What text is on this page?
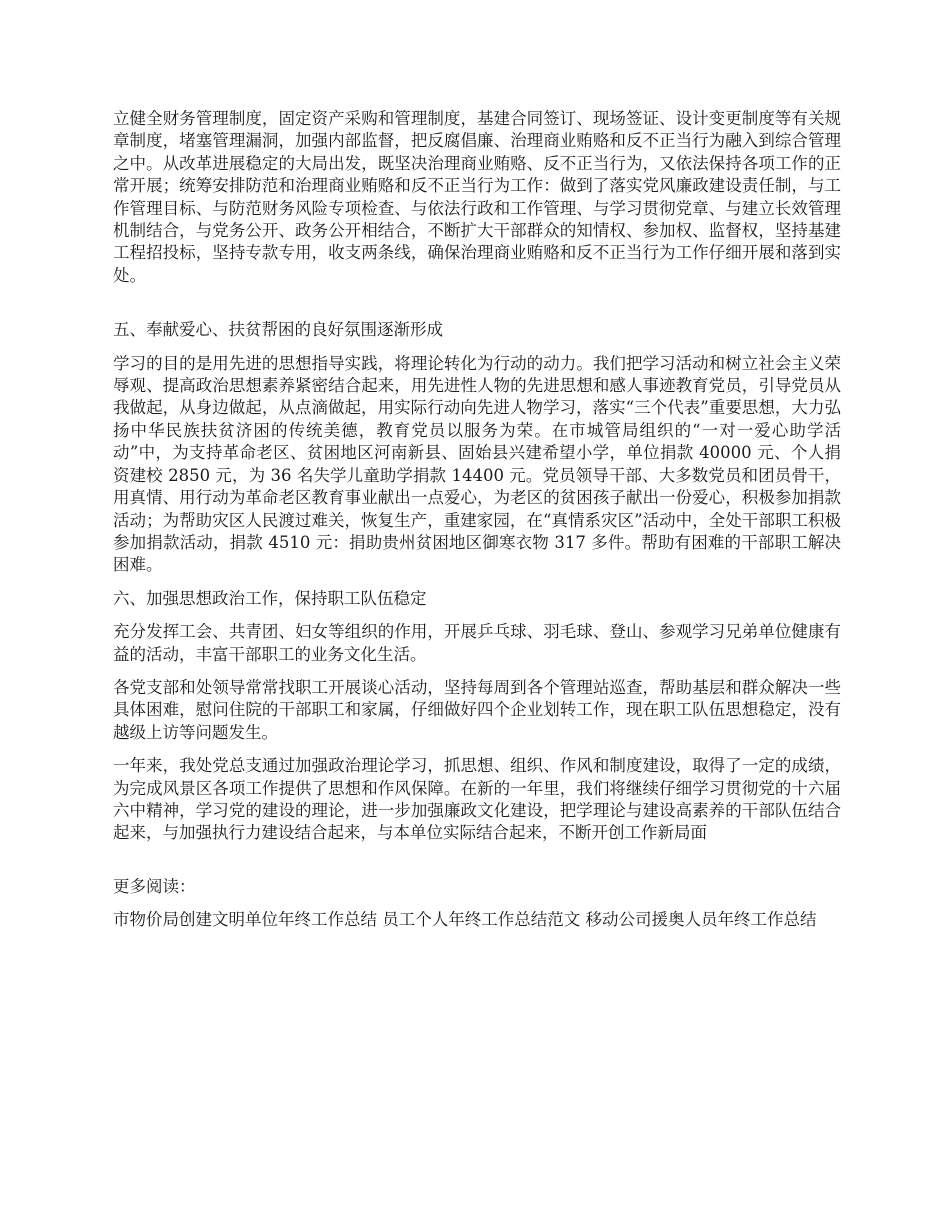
立健全财务管理制度，固定资产采购和管理制度，基建合同签订、现场签证、设计变更制度等有关规章制度，堵塞管理漏洞，加强内部监督，把反腐倡廉、治理商业贿赂和反不正当行为融入到综合管理之中。从改革进展稳定的大局出发，既坚决治理商业贿赂、反不正当行为，又依法保持各项工作的正常开展；统筹安排防范和治理商业贿赂和反不正当行为工作：做到了落实党风廉政建设责任制，与工作管理目标、与防范财务风险专项检查、与依法行政和工作管理、与学习贯彻党章、与建立长效管理机制结合，与党务公开、政务公开相结合，不断扩大干部群众的知情权、参加权、监督权，坚持基建工程招投标，坚持专款专用，收支两条线，确保治理商业贿赂和反不正当行为工作仔细开展和落到实处。

五、奉献爱心、扶贫帮困的良好氛围逐渐形成

学习的目的是用先进的思想指导实践，将理论转化为行动的动力。我们把学习活动和树立社会主义荣辱观、提高政治思想素养紧密结合起来，用先进性人物的先进思想和感人事迹教育党员，引导党员从我做起，从身边做起，从点滴做起，用实际行动向先进人物学习，落实“三个代表”重要思想，大力弘扬中华民族扶贫济困的传统美德，教育党员以服务为荣。在市城管局组织的“一对一爱心助学活动”中，为支持革命老区、贫困地区河南新县、固始县兴建希望小学，单位捐款 40000 元、个人捐资建校 2850 元，为 36 名失学儿童助学捐款 14400 元。党员领导干部、大多数党员和团员骨干，用真情、用行动为革命老区教育事业献出一点爱心，为老区的贫困孩子献出一份爱心，积极参加捐款活动；为帮助灾区人民渡过难关，恢复生产，重建家园，在“真情系灾区”活动中，全处干部职工积极参加捐款活动，捐款 4510 元：捐助贵州贫困地区御寒衣物 317 多件。帮助有困难的干部职工解决困难。

六、加强思想政治工作，保持职工队伍稳定

充分发挥工会、共青团、妇女等组织的作用，开展乒乓球、羽毛球、登山、参观学习兄弟单位健康有益的活动，丰富干部职工的业务文化生活。

各党支部和处领导常常找职工开展谈心活动，坚持每周到各个管理站巡查，帮助基层和群众解决一些具体困难，慰问住院的干部职工和家属，仔细做好四个企业划转工作，现在职工队伍思想稳定，没有越级上访等问题发生。

一年来，我处党总支通过加强政治理论学习，抓思想、组织、作风和制度建设，取得了一定的成绩，为完成风景区各项工作提供了思想和作风保障。在新的一年里，我们将继续仔细学习贯彻党的十六届六中精神，学习党的建设的理论，进一步加强廉政文化建设，把学理论与建设高素养的干部队伍结合起来，与加强执行力建设结合起来，与本单位实际结合起来，不断开创工作新局面

更多阅读：

市物价局创建文明单位年终工作总结 员工个人年终工作总结范文 移动公司援奥人员年终工作总结
